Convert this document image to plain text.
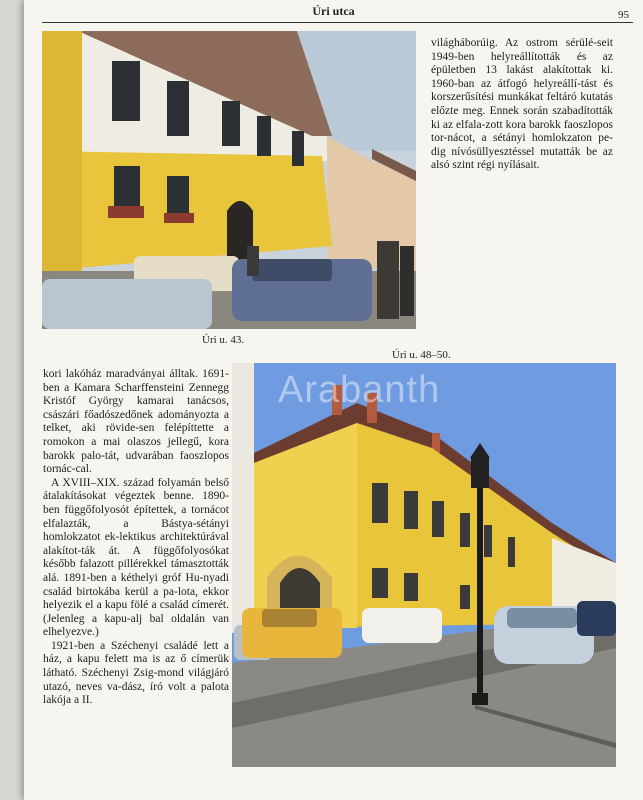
Úri utca	95
Úri u. 43.

világháborúig. Az ostrom sérülé-seit 1949-ben helyreállították és az épületben 13 lakást alakítottak ki. 1960-ban az átfogó helyreállí-tást és korszerűsítési munkákat feltáró kutatás előzte meg. Ennek során szabadították ki az elfala-zott kora barokk faoszlopos tor-nácot, a sétányi homlokzaton pe-dig nívósüllyesztéssel mutatták be az alsó szint régi nyílásait.

Úri u. 48–50.

kori lakóház maradványai álltak. 1691-ben a Kamara Scharffensteini Zennegg Kristóf György kamarai tanácsos, császári főadószedőnek adományozta a telket, aki rövide-sen felépíttette a romokon a mai olaszos jellegű, kora barokk palo-tát, udvarában faoszlopos tornác-cal.

A XVIII–XIX. század folyamán belső átalakításokat végeztek benne. 1890-ben függőfolyosót építettek, a tornácot elfalazták, a Bástya-sétányi homlokzatot ek-lektikus architektúrával alakítot-ták át. A függőfolyosókat később falazott pillérekkel támasztották alá. 1891-ben a kéthelyi gróf Hu-nyadi család birtokába kerül a pa-lota, ekkor helyezik el a kapu fölé a család címerét. (Jelenleg a kapu-alj bal oldalán van elhelyezve.)

1921-ben a Széchenyi családé lett a ház, a kapu felett ma is az ő címerük látható. Széchenyi Zsig-mond világjáró utazó, neves va-dász, író volt a palota lakója a II.

Arabanth
